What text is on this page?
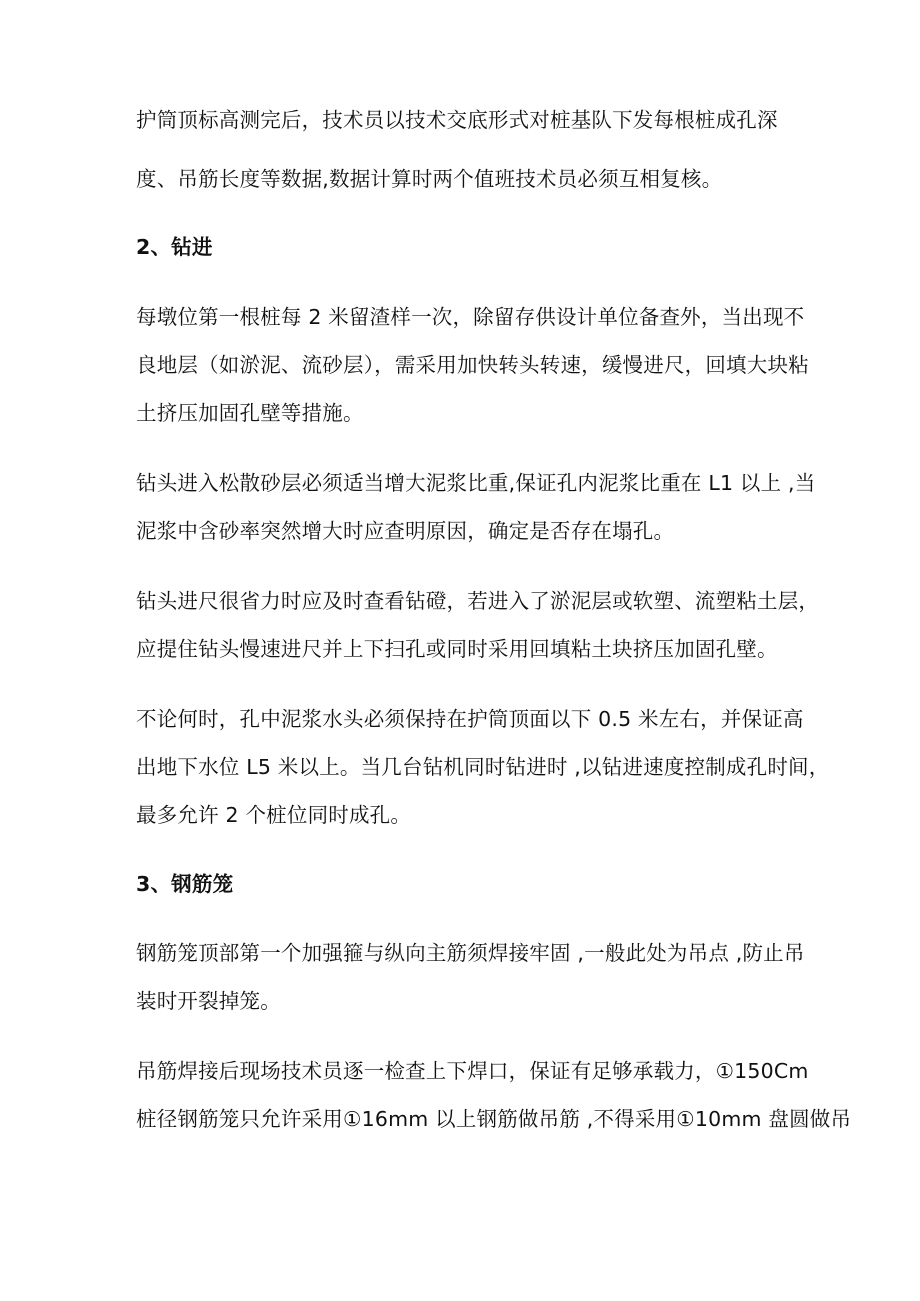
护筒顶标高测完后，技术员以技术交底形式对桩基队下发每根桩成孔深
度、吊筋长度等数据,数据计算时两个值班技术员必须互相复核。
2、钻进
每墩位第一根桩每 2 米留渣样一次，除留存供设计单位备查外，当出现不
良地层（如淤泥、流砂层），需采用加快转头转速，缓慢进尺，回填大块粘
土挤压加固孔壁等措施。
钻头进入松散砂层必须适当增大泥浆比重,保证孔内泥浆比重在 L1 以上 ,当
泥浆中含砂率突然增大时应查明原因，确定是否存在塌孔。
钻头进尺很省力时应及时查看钻磴，若进入了淤泥层或软塑、流塑粘土层，
应提住钻头慢速进尺并上下扫孔或同时采用回填粘土块挤压加固孔壁。
不论何时，孔中泥浆水头必须保持在护筒顶面以下 0.5 米左右，并保证高
出地下水位 L5 米以上。当几台钻机同时钻进时 ,以钻进速度控制成孔时间，
最多允许 2 个桩位同时成孔。
3、钢筋笼
钢筋笼顶部第一个加强箍与纵向主筋须焊接牢固 ,一般此处为吊点 ,防止吊
装时开裂掉笼。
吊筋焊接后现场技术员逐一检查上下焊口，保证有足够承载力，①150Cm
桩径钢筋笼只允许采用①16mm 以上钢筋做吊筋 ,不得采用①10mm 盘圆做吊
